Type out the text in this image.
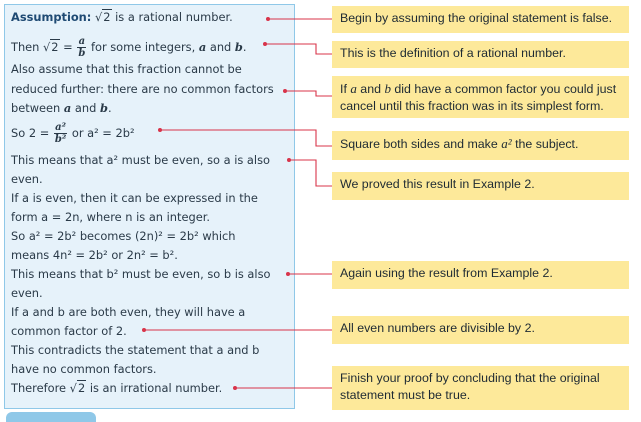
Assumption: √2 is a rational number.
Then $√2 = \frac{a}{b}$ for some integers, a and b.
Also assume that this fraction cannot be
reduced further: there are no common factors
between a and b.
So $2 = \frac{\text{a²}}{\text{b²}}$ or a² = 2b²
This means that a² must be even, so a is also
even.
If a is even, then it can be expressed in the
form a = 2n, where n is an integer.
So a² = 2b² becomes (2n)² = 2b² which
means 4n² = 2b² or 2n² = b².
This means that b² must be even, so b is also
even.
If a and b are both even, they will have a
common factor of 2.
This contradicts the statement that a and b
have no common factors.
Therefore √2 is an irrational number.
Begin by assuming the original statement is false.
This is the definition of a rational number.
If a and b did have a common factor you could just
cancel until this fraction was in its simplest form.
Square both sides and make a² the subject.
We proved this result in Example 2.
Again using the result from Example 2.
All even numbers are divisible by 2.
Finish your proof by concluding that the original
statement must be true.
